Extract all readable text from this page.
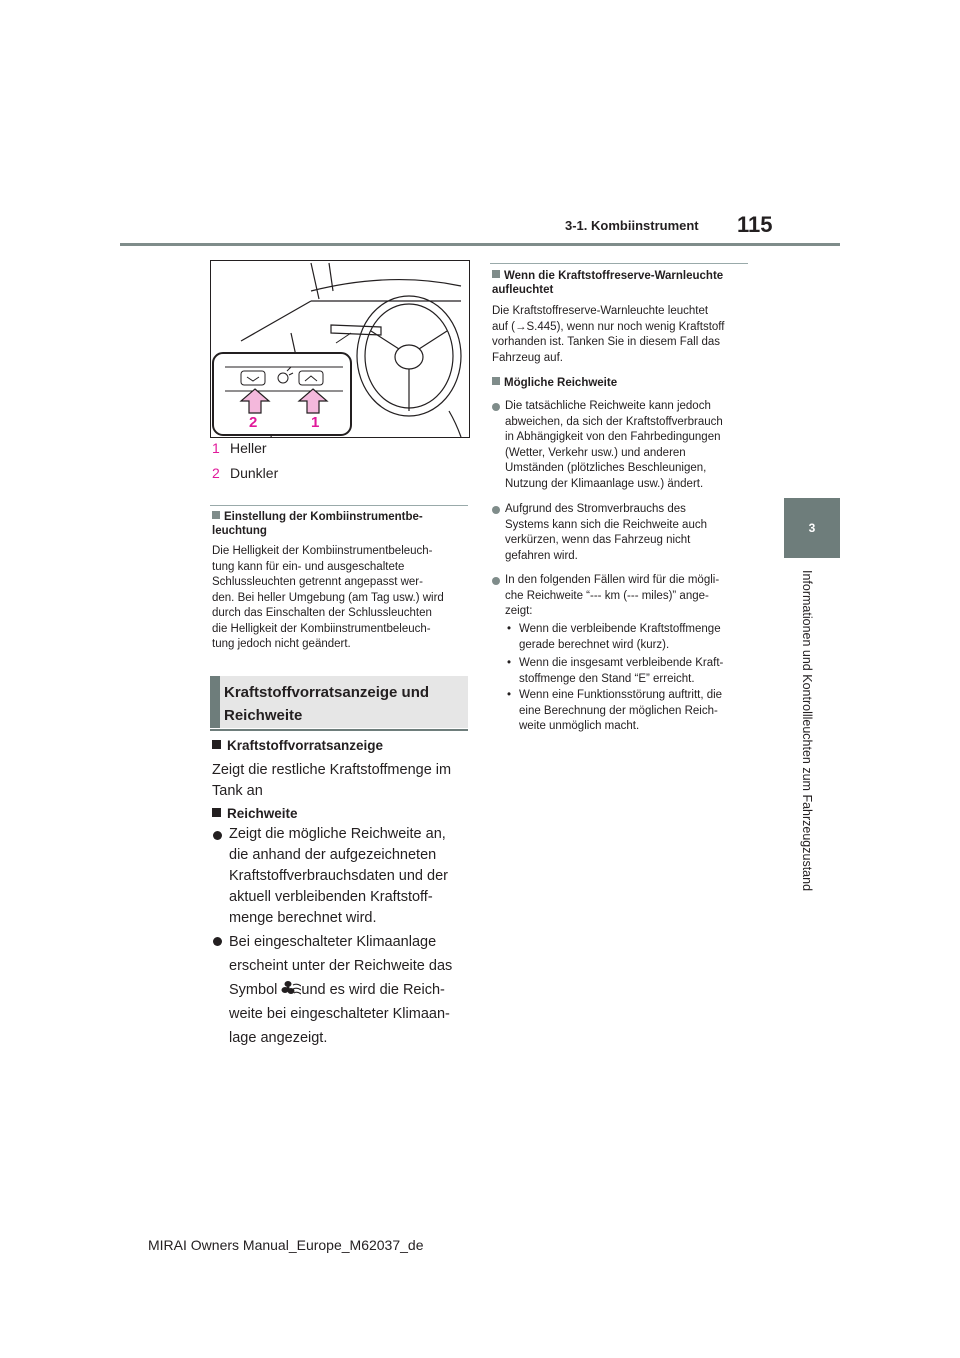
3-1. Kombiinstrument 115
3
Informationen und Kontrollleuchten zum Fahrzeugzustand
2	1
1 Heller
2 Dunkler
Einstellung der Kombiinstrumentbe-
leuchtung
Die Helligkeit der Kombiinstrumentbeleuch-
tung kann für ein- und ausgeschaltete
Schlussleuchten getrennt angepasst wer-
den. Bei heller Umgebung (am Tag usw.) wird
durch das Einschalten der Schlussleuchten
die Helligkeit der Kombiinstrumentbeleuch-
tung jedoch nicht geändert.
Kraftstoffvorratsanzeige und
Reichweite
Kraftstoffvorratsanzeige
Zeigt die restliche Kraftstoffmenge im
Tank an
Reichweite
Zeigt die mögliche Reichweite an,
die anhand der aufgezeichneten
Kraftstoffverbrauchsdaten und der
aktuell verbleibenden Kraftstoff-
menge berechnet wird.
Bei eingeschalteter Klimaanlage
erscheint unter der Reichweite das
Symbol und es wird die Reich-
weite bei eingeschalteter Klimaan-
lage angezeigt.
Wenn die Kraftstoffreserve-Warnleuchte
aufleuchtet
Die Kraftstoffreserve-Warnleuchte leuchtet
auf (→S.445), wenn nur noch wenig Kraftstoff
vorhanden ist. Tanken Sie in diesem Fall das
Fahrzeug auf.
Mögliche Reichweite
Die tatsächliche Reichweite kann jedoch
abweichen, da sich der Kraftstoffverbrauch
in Abhängigkeit von den Fahrbedingungen
(Wetter, Verkehr usw.) und anderen
Umständen (plötzliches Beschleunigen,
Nutzung der Klimaanlage usw.) ändert.
Aufgrund des Stromverbrauchs des
Systems kann sich die Reichweite auch
verkürzen, wenn das Fahrzeug nicht
gefahren wird.
In den folgenden Fällen wird für die mögli-
che Reichweite “--- km (--- miles)” ange-
zeigt:
• Wenn die verbleibende Kraftstoffmenge
gerade berechnet wird (kurz).
• Wenn die insgesamt verbleibende Kraft-
stoffmenge den Stand “E” erreicht.
• Wenn eine Funktionsstörung auftritt, die
eine Berechnung der möglichen Reich-
weite unmöglich macht.
MIRAI Owners Manual_Europe_M62037_de
